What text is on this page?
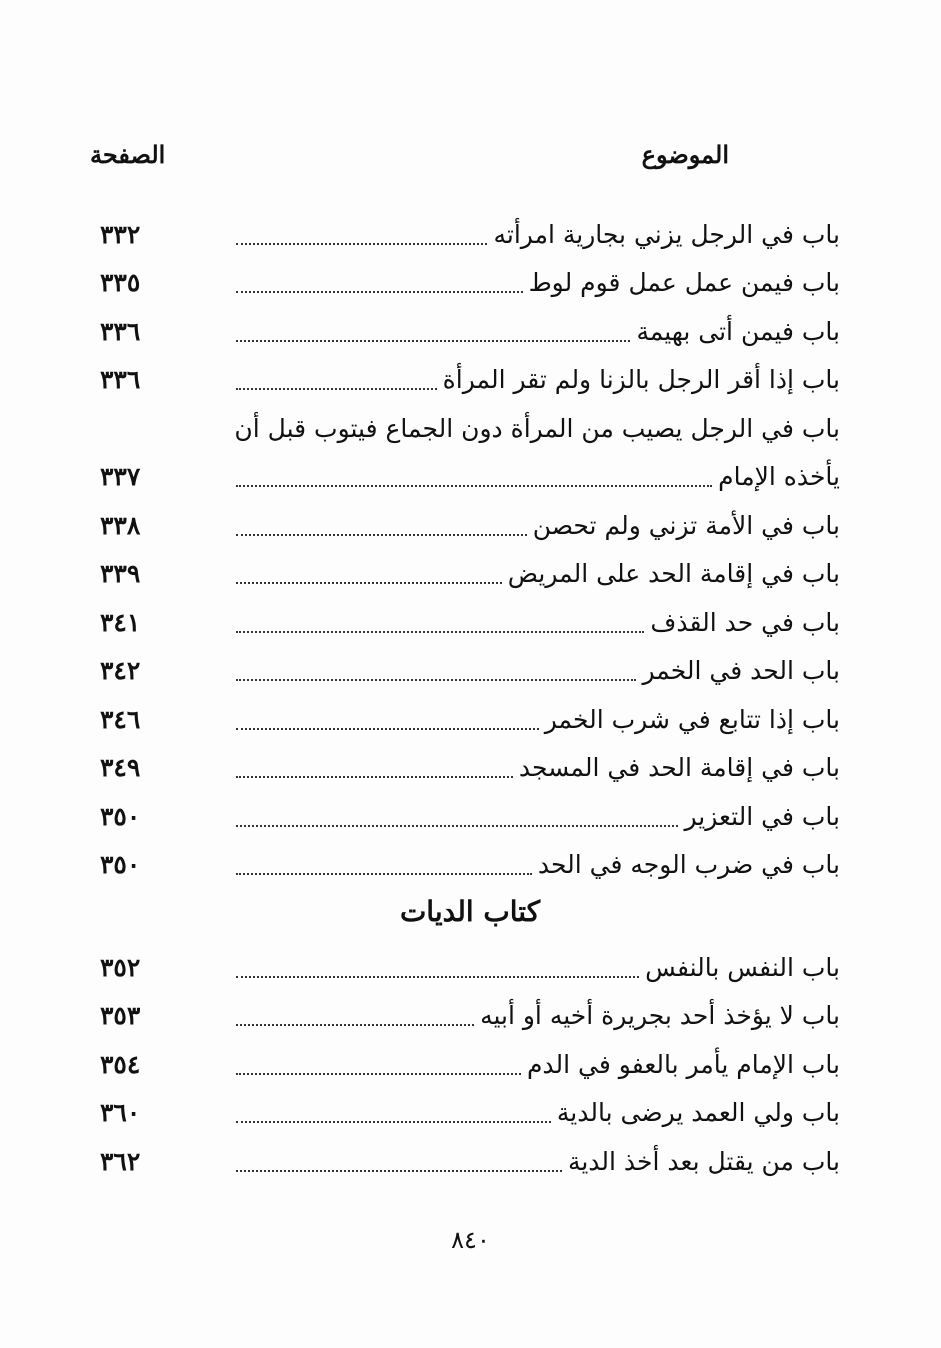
الموضوع
الصفحة
باب في الرجل يزني بجارية امرأته
٣٣٢
باب فيمن عمل عمل قوم لوط
٣٣٥
باب فيمن أتى بهيمة
٣٣٦
باب إذا أقر الرجل بالزنا ولم تقر المرأة
٣٣٦
باب في الرجل يصيب من المرأة دون الجماع فيتوب قبل أن
يأخذه الإمام
٣٣٧
باب في الأمة تزني ولم تحصن
٣٣٨
باب في إقامة الحد على المريض
٣٣٩
باب في حد القذف
٣٤١
باب الحد في الخمر
٣٤٢
باب إذا تتابع في شرب الخمر
٣٤٦
باب في إقامة الحد في المسجد
٣٤٩
باب في التعزير
٣٥٠
باب في ضرب الوجه في الحد
٣٥٠
كتاب الديات
باب النفس بالنفس
٣٥٢
باب لا يؤخذ أحد بجريرة أخيه أو أبيه
٣٥٣
باب الإمام يأمر بالعفو في الدم
٣٥٤
باب ولي العمد يرضى بالدية
٣٦٠
باب من يقتل بعد أخذ الدية
٣٦٢
٨٤٠
